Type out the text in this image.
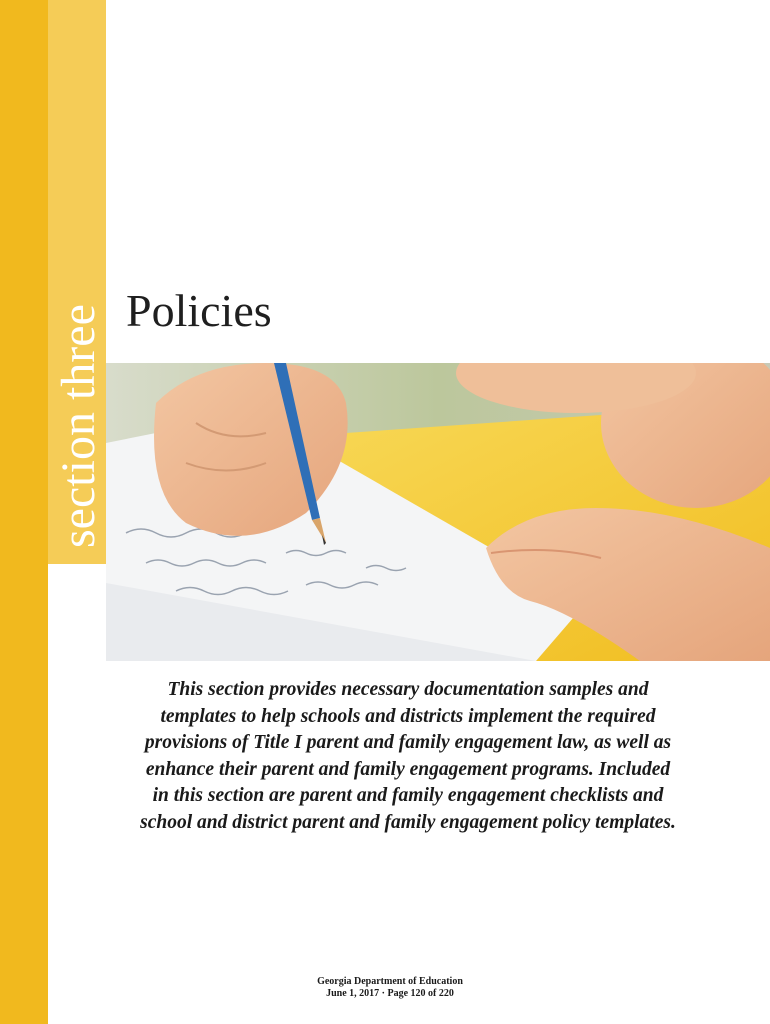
section three Policies
This section provides necessary documentation samples and
templates to help schools and districts implement the required
provisions of Title I parent and family engagement law, as well as
enhance their parent and family engagement programs. Included
in this section are parent and family engagement checklists and
school and district parent and family engagement policy templates.
Georgia Department of Education
June 1, 2017 · Page 120 of 220
